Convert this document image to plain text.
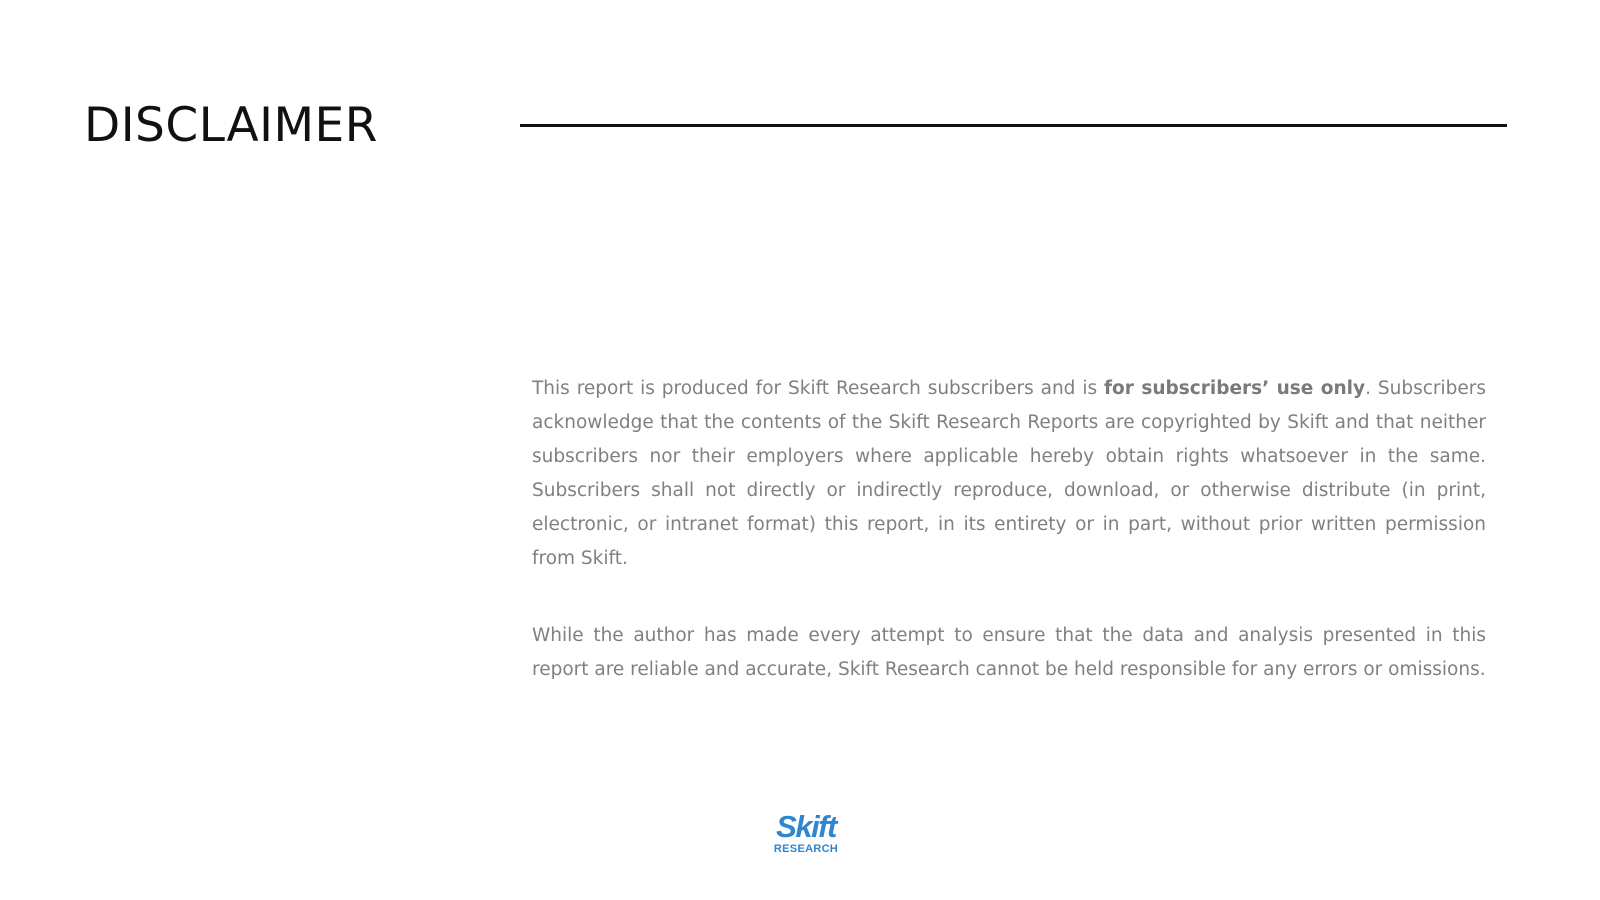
DISCLAIMER

This report is produced for Skift Research subscribers and is for subscribers’ use only. Subscribers acknowledge that the contents of the Skift Research Reports are copyrighted by Skift and that neither subscribers nor their employers where applicable hereby obtain rights whatsoever in the same. Subscribers shall not directly or indirectly reproduce, download, or otherwise distribute (in print, electronic, or intranet format) this report, in its entirety or in part, without prior written permission from Skift.

While the author has made every attempt to ensure that the data and analysis presented in this report are reliable and accurate, Skift Research cannot be held responsible for any errors or omissions.

Skift
RESEARCH
